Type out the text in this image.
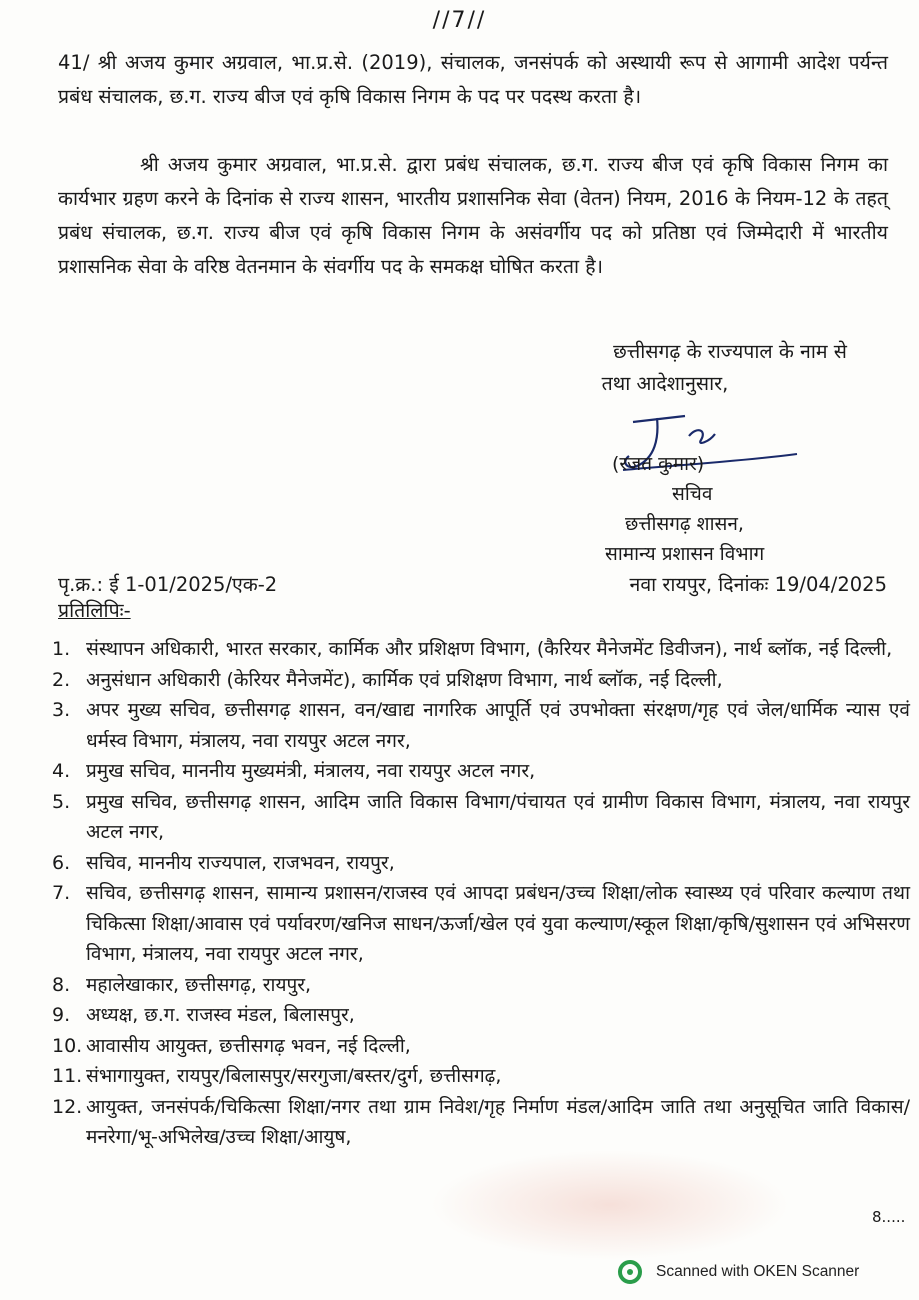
//7//
41/ श्री अजय कुमार अग्रवाल, भा.प्र.से. (2019), संचालक, जनसंपर्क को अस्थायी रूप से आगामी आदेश पर्यन्त प्रबंध संचालक, छ.ग. राज्य बीज एवं कृषि विकास निगम के पद पर पदस्थ करता है।
श्री अजय कुमार अग्रवाल, भा.प्र.से. द्वारा प्रबंध संचालक, छ.ग. राज्य बीज एवं कृषि विकास निगम का कार्यभार ग्रहण करने के दिनांक से राज्य शासन, भारतीय प्रशासनिक सेवा (वेतन) नियम, 2016 के नियम-12 के तहत् प्रबंध संचालक, छ.ग. राज्य बीज एवं कृषि विकास निगम के असंवर्गीय पद को प्रतिष्ठा एवं जिम्मेदारी में भारतीय प्रशासनिक सेवा के वरिष्ठ वेतनमान के संवर्गीय पद के समकक्ष घोषित करता है।
छत्तीसगढ़ के राज्यपाल के नाम से
तथा आदेशानुसार,
(रजत कुमार)
सचिव
छत्तीसगढ़ शासन,
सामान्य प्रशासन विभाग
पृ.क्र.: ई 1-01/2025/एक-2	नवा रायपुर, दिनांकः 19/04/2025
प्रतिलिपिः-
1. संस्थापन अधिकारी, भारत सरकार, कार्मिक और प्रशिक्षण विभाग, (कैरियर मैनेजमेंट डिवीजन), नार्थ ब्लॉक, नई दिल्ली,
2. अनुसंधान अधिकारी (केरियर मैनेजमेंट), कार्मिक एवं प्रशिक्षण विभाग, नार्थ ब्लॉक, नई दिल्ली,
3. अपर मुख्य सचिव, छत्तीसगढ़ शासन, वन/खाद्य नागरिक आपूर्ति एवं उपभोक्ता संरक्षण/गृह एवं जेल/धार्मिक न्यास एवं धर्मस्व विभाग, मंत्रालय, नवा रायपुर अटल नगर,
4. प्रमुख सचिव, माननीय मुख्यमंत्री, मंत्रालय, नवा रायपुर अटल नगर,
5. प्रमुख सचिव, छत्तीसगढ़ शासन, आदिम जाति विकास विभाग/पंचायत एवं ग्रामीण विकास विभाग, मंत्रालय, नवा रायपुर अटल नगर,
6. सचिव, माननीय राज्यपाल, राजभवन, रायपुर,
7. सचिव, छत्तीसगढ़ शासन, सामान्य प्रशासन/राजस्व एवं आपदा प्रबंधन/उच्च शिक्षा/लोक स्वास्थ्य एवं परिवार कल्याण तथा चिकित्सा शिक्षा/आवास एवं पर्यावरण/खनिज साधन/ऊर्जा/खेल एवं युवा कल्याण/स्कूल शिक्षा/कृषि/सुशासन एवं अभिसरण विभाग, मंत्रालय, नवा रायपुर अटल नगर,
8. महालेखाकार, छत्तीसगढ़, रायपुर,
9. अध्यक्ष, छ.ग. राजस्व मंडल, बिलासपुर,
10. आवासीय आयुक्त, छत्तीसगढ़ भवन, नई दिल्ली,
11. संभागायुक्त, रायपुर/बिलासपुर/सरगुजा/बस्तर/दुर्ग, छत्तीसगढ़,
12. आयुक्त, जनसंपर्क/चिकित्सा शिक्षा/नगर तथा ग्राम निवेश/गृह निर्माण मंडल/आदिम जाति तथा अनुसूचित जाति विकास/मनरेगा/भू-अभिलेख/उच्च शिक्षा/आयुष,
8.....
Scanned with OKEN Scanner
